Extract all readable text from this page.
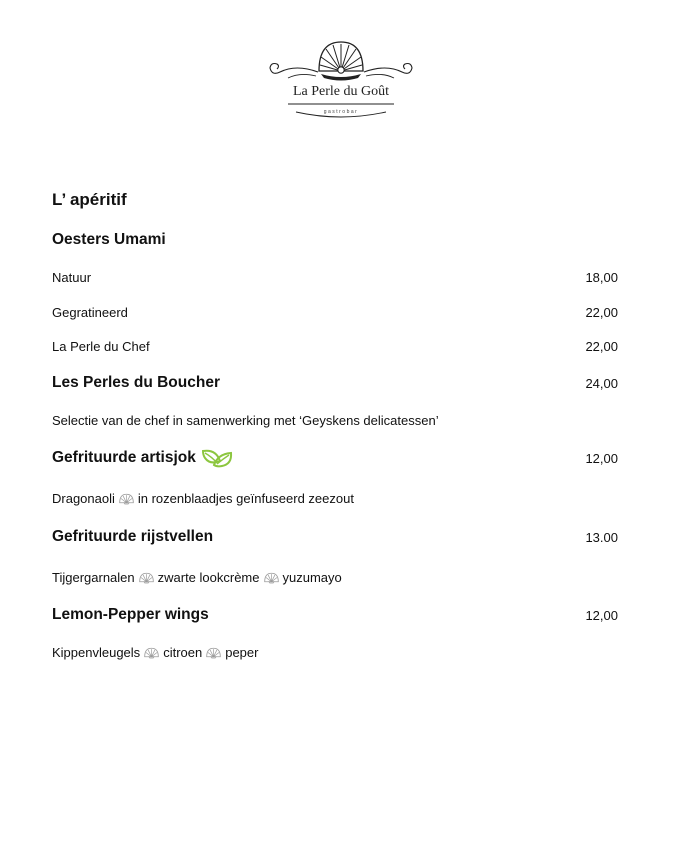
La Perle du Goût
gastrobar
L’ apéritif
Oesters Umami
Natuur	18,00
Gegratineerd	22,00
La Perle du Chef	22,00
Les Perles du Boucher	24,00
Selectie van de chef in samenwerking met ‘Geyskens delicatessen’
Gefrituurde artisjok	12,00
Dragonaoli in rozenblaadjes geïnfuseerd zeezout
Gefrituurde rijstvellen	13.00
Tijgergarnalen zwarte lookcrème yuzumayo
Lemon-Pepper wings	12,00
Kippenvleugels citroen peper
